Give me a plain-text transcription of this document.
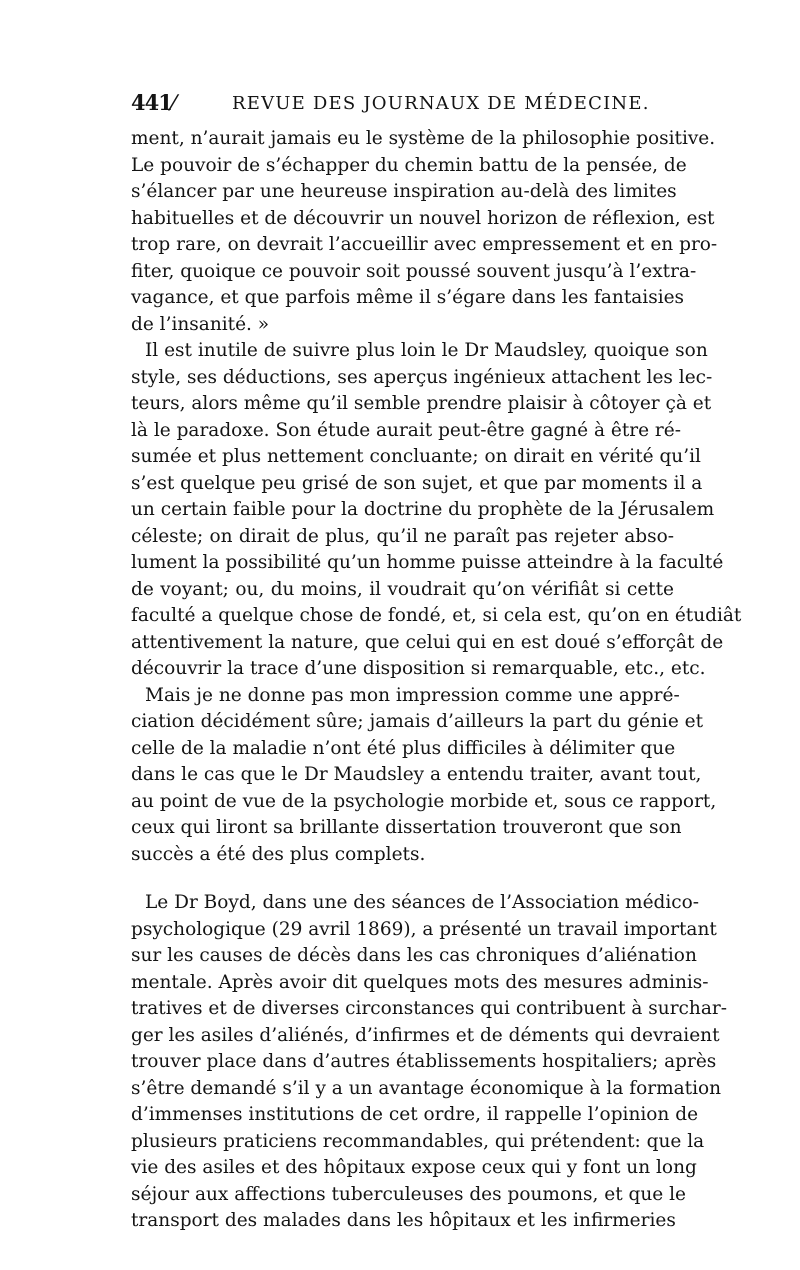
441⁄	REVUE DES JOURNAUX DE MÉDECINE.
ment, n’aurait jamais eu le système de la philosophie positive.
Le pouvoir de s’échapper du chemin battu de la pensée, de
s’élancer par une heureuse inspiration au-delà des limites
habituelles et de découvrir un nouvel horizon de réflexion, est
trop rare, on devrait l’accueillir avec empressement et en pro-
fiter, quoique ce pouvoir soit poussé souvent jusqu’à l’extra-
vagance, et que parfois même il s’égare dans les fantaisies
de l’insanité. »
Il est inutile de suivre plus loin le Dr Maudsley, quoique son
style, ses déductions, ses aperçus ingénieux attachent les lec-
teurs, alors même qu’il semble prendre plaisir à côtoyer çà et
là le paradoxe. Son étude aurait peut-être gagné à être ré-
sumée et plus nettement concluante; on dirait en vérité qu’il
s’est quelque peu grisé de son sujet, et que par moments il a
un certain faible pour la doctrine du prophète de la Jérusalem
céleste; on dirait de plus, qu’il ne paraît pas rejeter abso-
lument la possibilité qu’un homme puisse atteindre à la faculté
de voyant; ou, du moins, il voudrait qu’on vérifiât si cette
faculté a quelque chose de fondé, et, si cela est, qu’on en étudiât
attentivement la nature, que celui qui en est doué s’efforçât de
découvrir la trace d’une disposition si remarquable, etc., etc.
Mais je ne donne pas mon impression comme une appré-
ciation décidément sûre; jamais d’ailleurs la part du génie et
celle de la maladie n’ont été plus difficiles à délimiter que
dans le cas que le Dr Maudsley a entendu traiter, avant tout,
au point de vue de la psychologie morbide et, sous ce rapport,
ceux qui liront sa brillante dissertation trouveront que son
succès a été des plus complets.
Le Dr Boyd, dans une des séances de l’Association médico-
psychologique (29 avril 1869), a présenté un travail important
sur les causes de décès dans les cas chroniques d’aliénation
mentale. Après avoir dit quelques mots des mesures adminis-
tratives et de diverses circonstances qui contribuent à surchar-
ger les asiles d’aliénés, d’infirmes et de déments qui devraient
trouver place dans d’autres établissements hospitaliers; après
s’être demandé s’il y a un avantage économique à la formation
d’immenses institutions de cet ordre, il rappelle l’opinion de
plusieurs praticiens recommandables, qui prétendent: que la
vie des asiles et des hôpitaux expose ceux qui y font un long
séjour aux affections tuberculeuses des poumons, et que le
transport des malades dans les hôpitaux et les infirmeries
